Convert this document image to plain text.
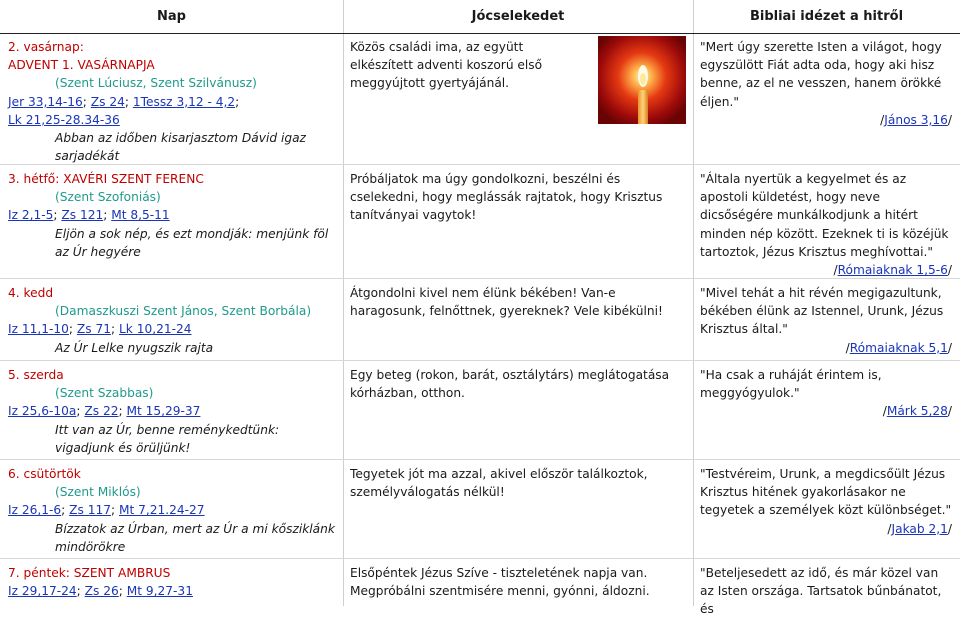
Nap	Jócselekedet	Bibliai idézet a hitről
2. vasárnap:
ADVENT 1. VASÁRNAPJA
(Szent Lúciusz, Szent Szilvánusz)
Jer 33,14-16; Zs 24; 1Tessz 3,12 - 4,2;
Lk 21,25-28.34-36
Abban az időben kisarjasztom Dávid igaz sarjadékát
Közös családi ima, az együtt elkészített adventi koszorú első meggyújtott gyertyájánál.
"Mert úgy szerette Isten a világot, hogy egyszülött Fiát adta oda, hogy aki hisz benne, az el ne vesszen, hanem örökké éljen."
/János 3,16/
3. hétfő: XAVÉRI SZENT FERENC
(Szent Szofoniás)
Iz 2,1-5; Zs 121; Mt 8,5-11
Eljön a sok nép, és ezt mondják: menjünk föl az Úr hegyére
Próbáljatok ma úgy gondolkozni, beszélni és cselekedni, hogy meglássák rajtatok, hogy Krisztus tanítványai vagytok!
"Általa nyertük a kegyelmet és az apostoli küldetést, hogy neve dicsőségére munkálkodjunk a hitért minden nép között. Ezeknek ti is közéjük tartoztok, Jézus Krisztus meghívottai."
/Rómaiaknak 1,5-6/
4. kedd
(Damaszkuszi Szent János, Szent Borbála)
Iz 11,1-10; Zs 71; Lk 10,21-24
Az Úr Lelke nyugszik rajta
Átgondolni kivel nem élünk békében! Van-e haragosunk, felnőttnek, gyereknek? Vele kibékülni!
"Mivel tehát a hit révén megigazultunk, békében élünk az Istennel, Urunk, Jézus Krisztus által."
/Rómaiaknak 5,1/
5. szerda
(Szent Szabbas)
Iz 25,6-10a; Zs 22; Mt 15,29-37
Itt van az Úr, benne reménykedtünk: vigadjunk és örüljünk!
Egy beteg (rokon, barát, osztálytárs) meglátogatása kórházban, otthon.
"Ha csak a ruháját érintem is, meggyógyulok."
/Márk 5,28/
6. csütörtök
(Szent Miklós)
Iz 26,1-6; Zs 117; Mt 7,21.24-27
Bízzatok az Úrban, mert az Úr a mi kősziklánk mindörökre
Tegyetek jót ma azzal, akivel először találkoztok, személyválogatás nélkül!
"Testvéreim, Urunk, a megdicsőült Jézus Krisztus hitének gyakorlásakor ne tegyetek a személyek közt különbséget."
/Jakab 2,1/
7. péntek: SZENT AMBRUS
Iz 29,17-24; Zs 26; Mt 9,27-31
Elsőpéntek Jézus Szíve - tiszteletének napja van. Megpróbálni szentmisére menni, gyónni, áldozni.
"Beteljesedett az idő, és már közel van az Isten országa. Tartsatok bűnbánatot, és
